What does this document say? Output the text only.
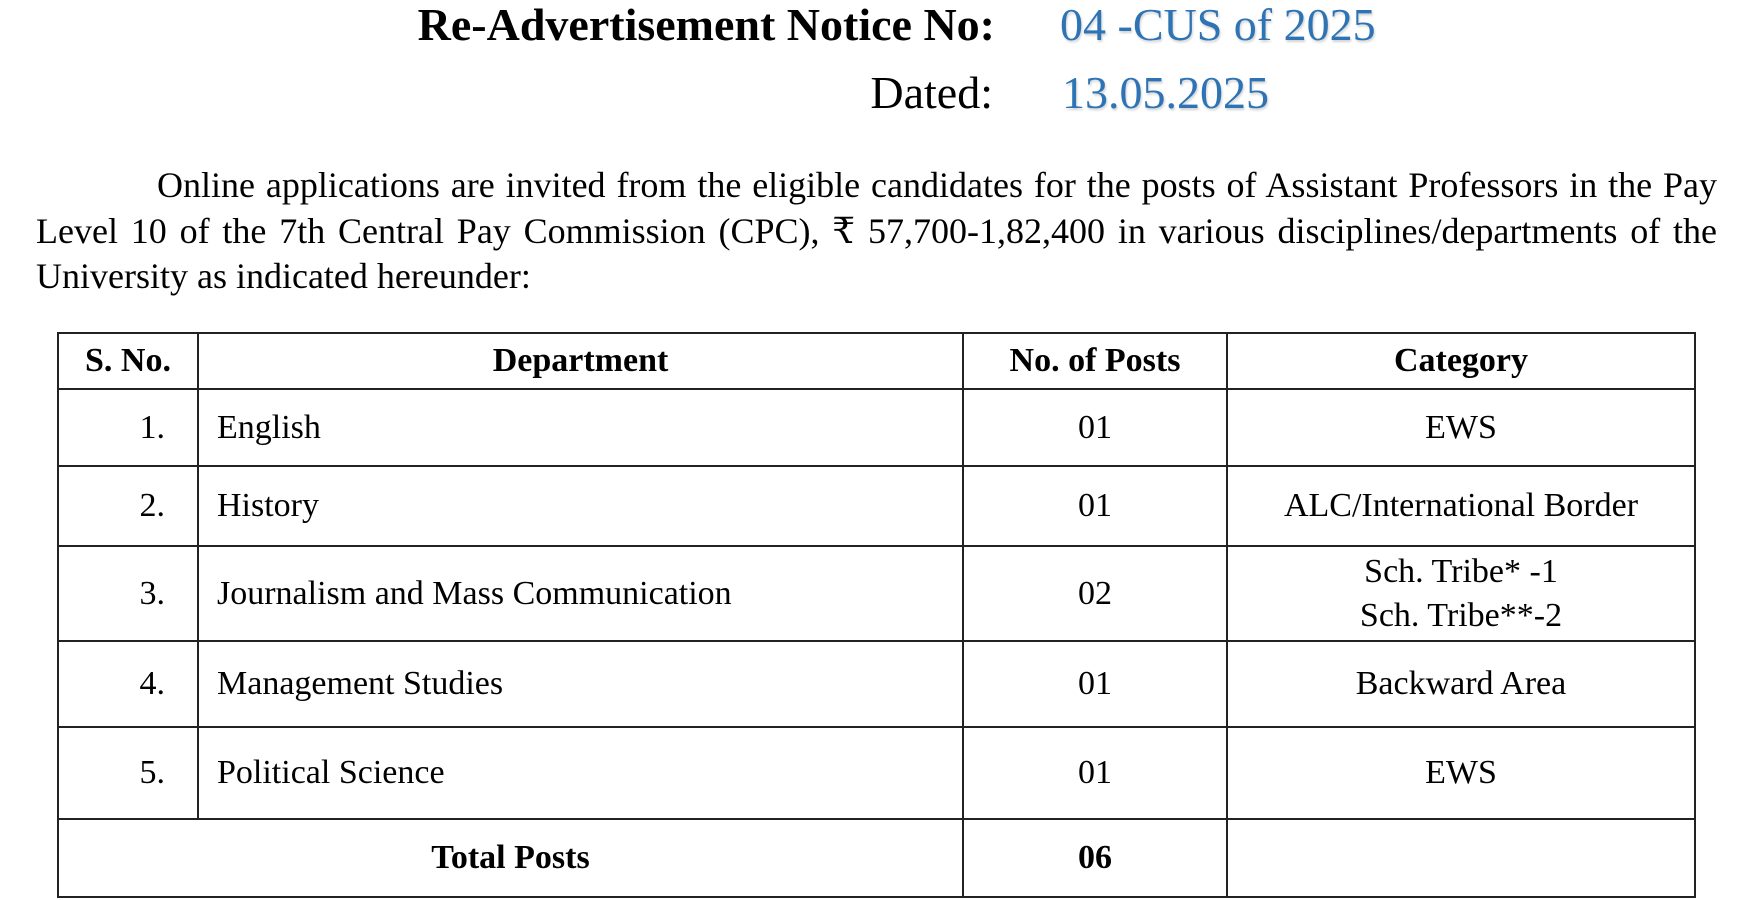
Re-Advertisement Notice No: 04 -CUS of 2025
Dated: 13.05.2025
Online applications are invited from the eligible candidates for the posts of Assistant Professors in the Pay Level 10 of the 7th Central Pay Commission (CPC), ₹ 57,700-1,82,400 in various disciplines/departments of the University as indicated hereunder:
S. No.	Department	No. of Posts	Category
1.	English	01	EWS
2.	History	01	ALC/International Border
3.	Journalism and Mass Communication	02	Sch. Tribe* -1
Sch. Tribe**-2

4.	Management Studies	01	Backward Area
5.	Political Science	01	EWS
Total Posts		06	
